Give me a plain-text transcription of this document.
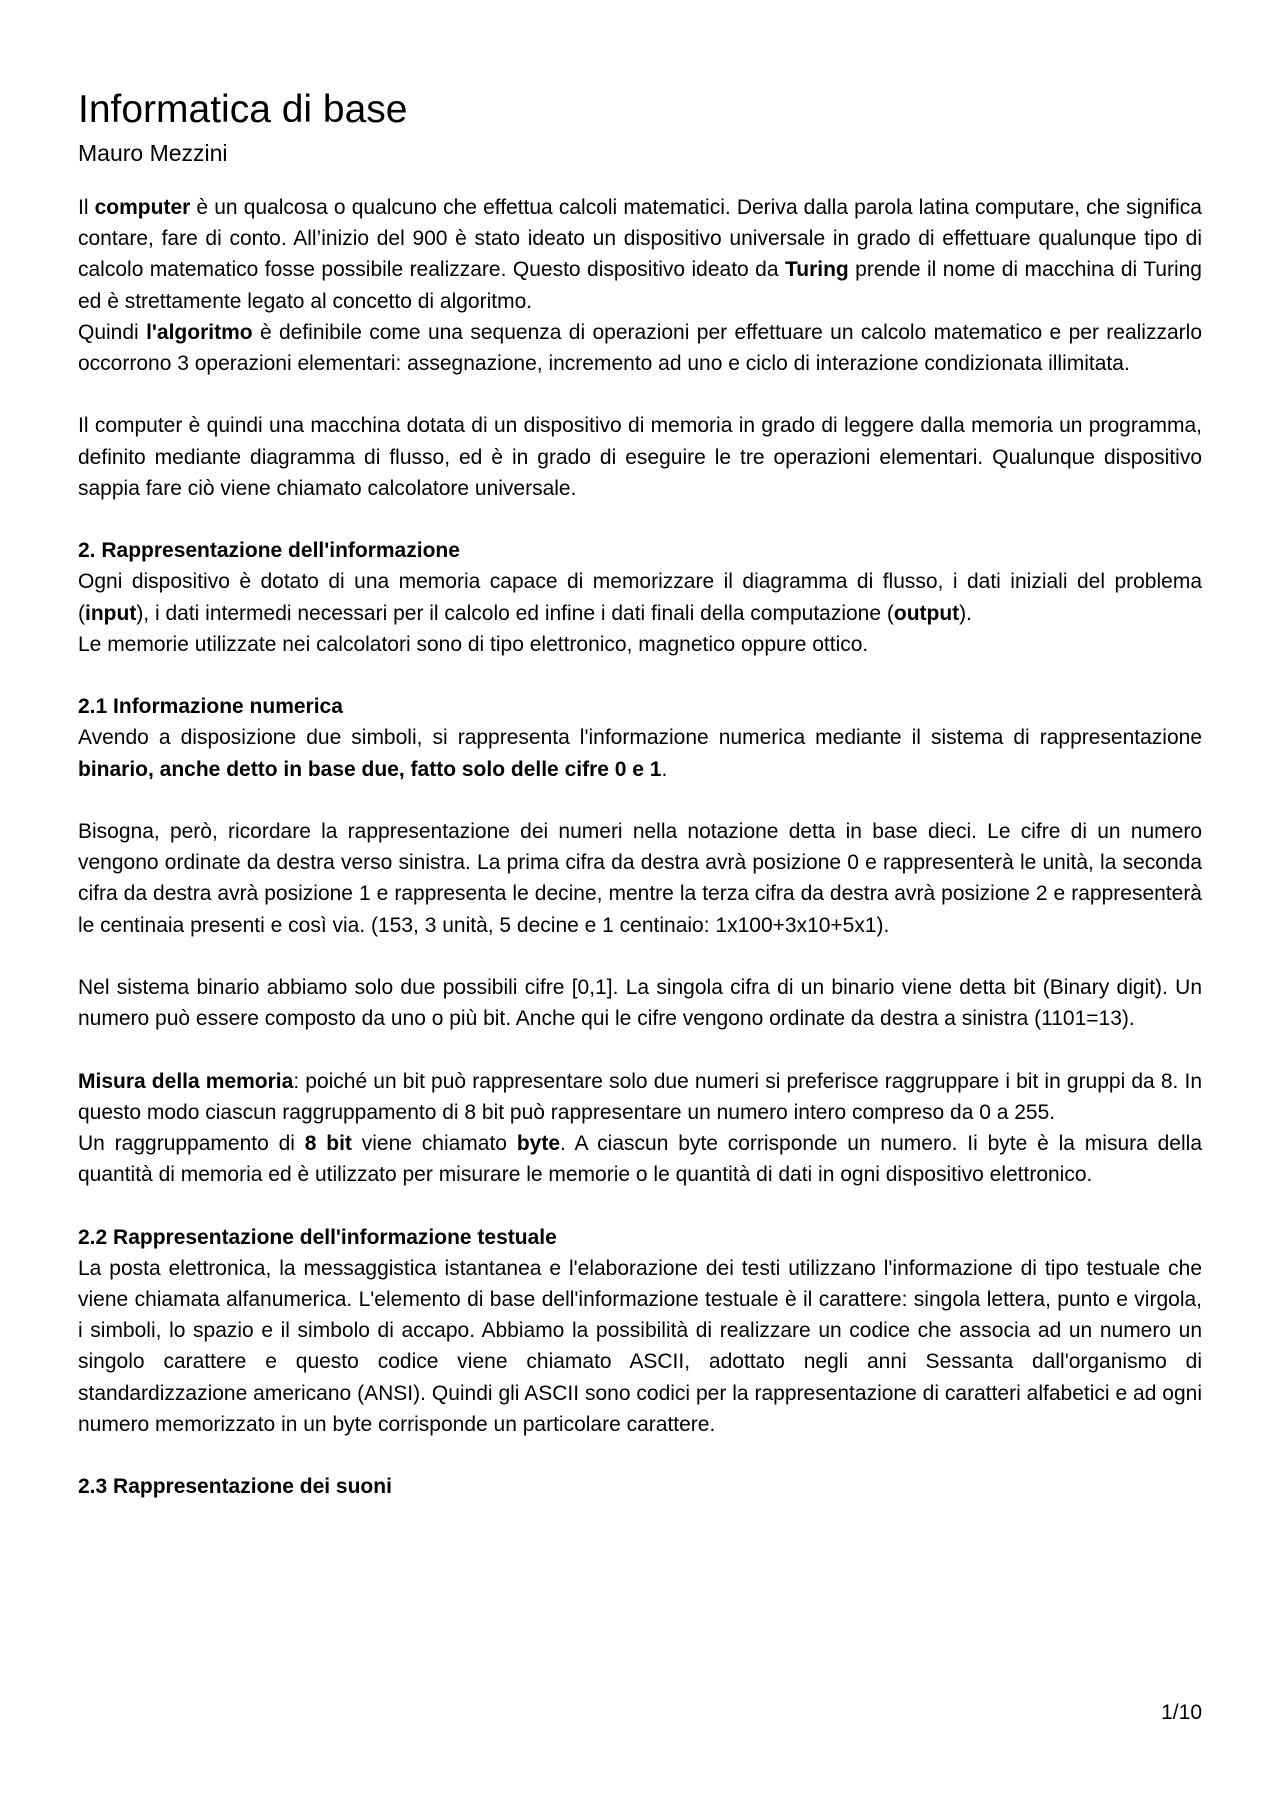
Informatica di base
Mauro Mezzini

Il computer è un qualcosa o qualcuno che effettua calcoli matematici. Deriva dalla parola latina computare, che significa contare, fare di conto. All’inizio del 900 è stato ideato un dispositivo universale in grado di effettuare qualunque tipo di calcolo matematico fosse possibile realizzare. Questo dispositivo ideato da Turing prende il nome di macchina di Turing ed è strettamente legato al concetto di algoritmo.

Quindi l'algoritmo è definibile come una sequenza di operazioni per effettuare un calcolo matematico e per realizzarlo occorrono 3 operazioni elementari: assegnazione, incremento ad uno e ciclo di interazione condizionata illimitata.

Il computer è quindi una macchina dotata di un dispositivo di memoria in grado di leggere dalla memoria un programma, definito mediante diagramma di flusso, ed è in grado di eseguire le tre operazioni elementari. Qualunque dispositivo sappia fare ciò viene chiamato calcolatore universale.

2. Rappresentazione dell'informazione

Ogni dispositivo è dotato di una memoria capace di memorizzare il diagramma di flusso, i dati iniziali del problema (input), i dati intermedi necessari per il calcolo ed infine i dati finali della computazione (output).

Le memorie utilizzate nei calcolatori sono di tipo elettronico, magnetico oppure ottico.

2.1 Informazione numerica

Avendo a disposizione due simboli, si rappresenta l'informazione numerica mediante il sistema di rappresentazione binario, anche detto in base due, fatto solo delle cifre 0 e 1.

Bisogna, però, ricordare la rappresentazione dei numeri nella notazione detta in base dieci. Le cifre di un numero vengono ordinate da destra verso sinistra. La prima cifra da destra avrà posizione 0 e rappresenterà le unità, la seconda cifra da destra avrà posizione 1 e rappresenta le decine, mentre la terza cifra da destra avrà posizione 2 e rappresenterà le centinaia presenti e così via. (153, 3 unità, 5 decine e 1 centinaio: 1x100+3x10+5x1).

Nel sistema binario abbiamo solo due possibili cifre [0,1]. La singola cifra di un binario viene detta bit (Binary digit). Un numero può essere composto da uno o più bit. Anche qui le cifre vengono ordinate da destra a sinistra (1101=13).

Misura della memoria: poiché un bit può rappresentare solo due numeri si preferisce raggruppare i bit in gruppi da 8. In questo modo ciascun raggruppamento di 8 bit può rappresentare un numero intero compreso da 0 a 255.

Un raggruppamento di 8 bit viene chiamato byte. A ciascun byte corrisponde un numero. Ii byte è la misura della quantità di memoria ed è utilizzato per misurare le memorie o le quantità di dati in ogni dispositivo elettronico.

2.2 Rappresentazione dell'informazione testuale

La posta elettronica, la messaggistica istantanea e l'elaborazione dei testi utilizzano l'informazione di tipo testuale che viene chiamata alfanumerica. L'elemento di base dell'informazione testuale è il carattere: singola lettera, punto e virgola, i simboli, lo spazio e il simbolo di accapo. Abbiamo la possibilità di realizzare un codice che associa ad un numero un singolo carattere e questo codice viene chiamato ASCII, adottato negli anni Sessanta dall'organismo di standardizzazione americano (ANSI). Quindi gli ASCII sono codici per la rappresentazione di caratteri alfabetici e ad ogni numero memorizzato in un byte corrisponde un particolare carattere.

2.3 Rappresentazione dei suoni

1/10
